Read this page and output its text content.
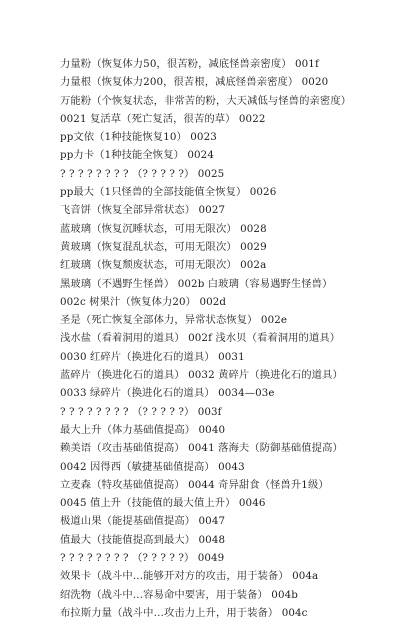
力量粉（恢复体力50，很苦粉，减底怪兽亲密度） 001f
力量根（恢复体力200，很苦根，减底怪兽亲密度） 0020
万能粉（个恢复状态，非常苦的粉，大天减低与怪兽的亲密度）
0021 复活草（死亡复活，很苦的草） 0022
pp文依（1种技能恢复10） 0023
pp力卡（1种技能全恢复） 0024
? ? ? ? ? ? ? ? （? ? ? ? ?） 0025
pp最大（1只怪兽的全部技能值全恢复） 0026
飞音饼（恢复全部异常状态） 0027
蓝玻璃（恢复沉睡状态，可用无限次） 0028
黄玻璃（恢复混乱状态，可用无限次） 0029
红玻璃（恢复颓废状态，可用无限次） 002a
黑玻璃（不遇野生怪兽） 002b 白玻璃（容易遇野生怪兽）
002c 树果汁（恢复体力20） 002d
圣是（死亡恢复全部体力，异常状态恢复） 002e
浅水盐（看着洞用的道具） 002f 浅水贝（看着洞用的道具）
0030 红碎片（换进化石的道具） 0031
蓝碎片（换进化石的道具） 0032 黄碎片（换进化石的道具）
0033 绿碎片（换进化石的道具） 0034—03e
? ? ? ? ? ? ? ? （? ? ? ? ?） 003f
最大上升（体力基础值提高） 0040
赖美语（攻击基础值提高） 0041 落海夫（防御基础值提高）
0042 因得西（敏捷基础值提高） 0043
立麦森（特攻基础值提高） 0044 奇异甜食（怪兽升1级）
0045 值上升（技能值的最大值上升） 0046
极道山果（能提基础值提高） 0047
值最大（技能值提高到最大） 0048
? ? ? ? ? ? ? ? （? ? ? ? ?） 0049
效果卡（战斗中…能够开对方的攻击，用于装备） 004a
绍洗物（战斗中…容易命中要害，用于装备） 004b
布拉斯力量（战斗中…攻击力上升，用于装备） 004c
